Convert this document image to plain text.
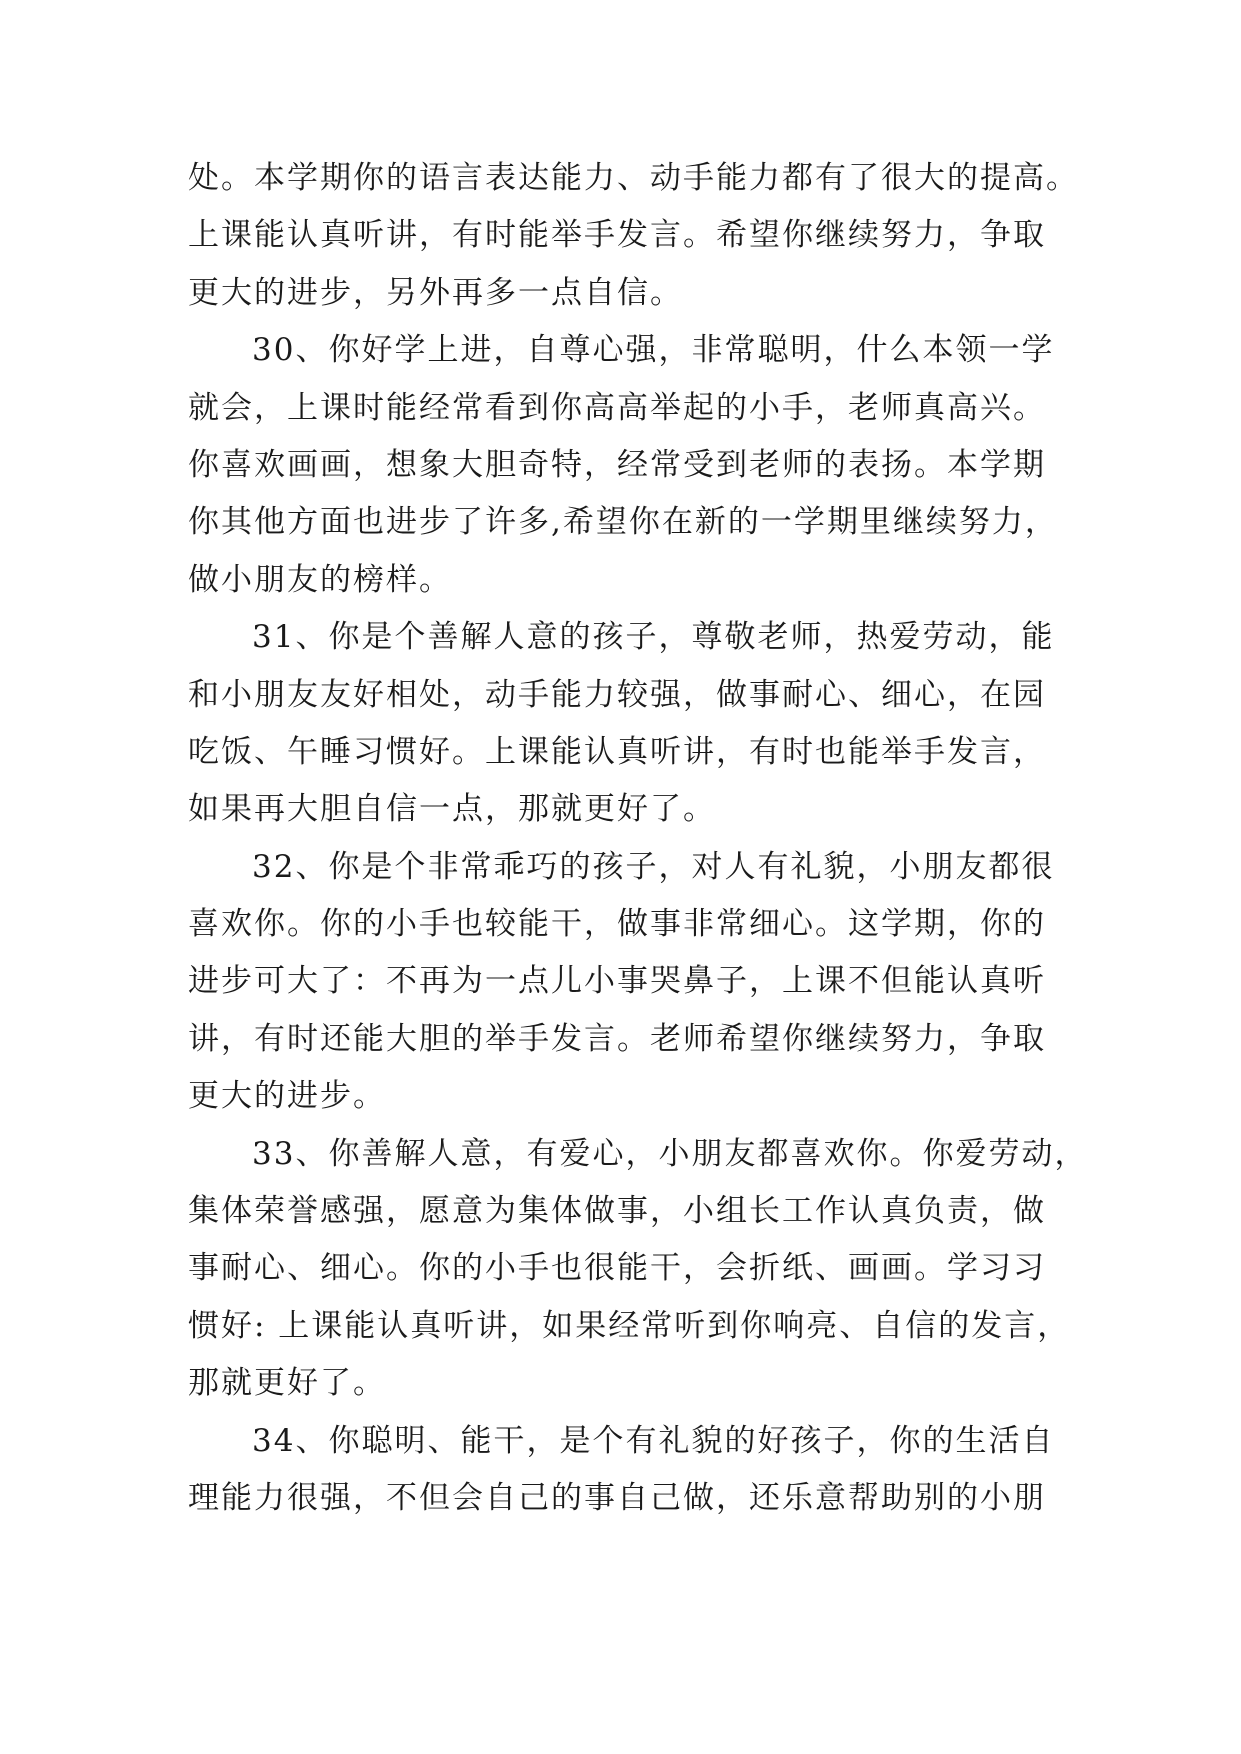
处。本学期你的语言表达能力、动手能力都有了很大的提高。
上课能认真听讲，有时能举手发言。希望你继续努力，争取
更大的进步，另外再多一点自信。
30、你好学上进，自尊心强，非常聪明，什么本领一学
就会，上课时能经常看到你高高举起的小手，老师真高兴。
你喜欢画画，想象大胆奇特，经常受到老师的表扬。本学期
你其他方面也进步了许多,希望你在新的一学期里继续努力，
做小朋友的榜样。
31、你是个善解人意的孩子，尊敬老师，热爱劳动，能
和小朋友友好相处，动手能力较强，做事耐心、细心，在园
吃饭、午睡习惯好。上课能认真听讲，有时也能举手发言，
如果再大胆自信一点，那就更好了。
32、你是个非常乖巧的孩子，对人有礼貌，小朋友都很
喜欢你。你的小手也较能干，做事非常细心。这学期，你的
进步可大了：不再为一点儿小事哭鼻子，上课不但能认真听
讲，有时还能大胆的举手发言。老师希望你继续努力，争取
更大的进步。
33、你善解人意，有爱心，小朋友都喜欢你。你爱劳动，
集体荣誉感强，愿意为集体做事，小组长工作认真负责，做
事耐心、细心。你的小手也很能干，会折纸、画画。学习习
惯好: 上课能认真听讲，如果经常听到你响亮、自信的发言，
那就更好了。
34、你聪明、能干，是个有礼貌的好孩子，你的生活自
理能力很强，不但会自己的事自己做，还乐意帮助别的小朋
